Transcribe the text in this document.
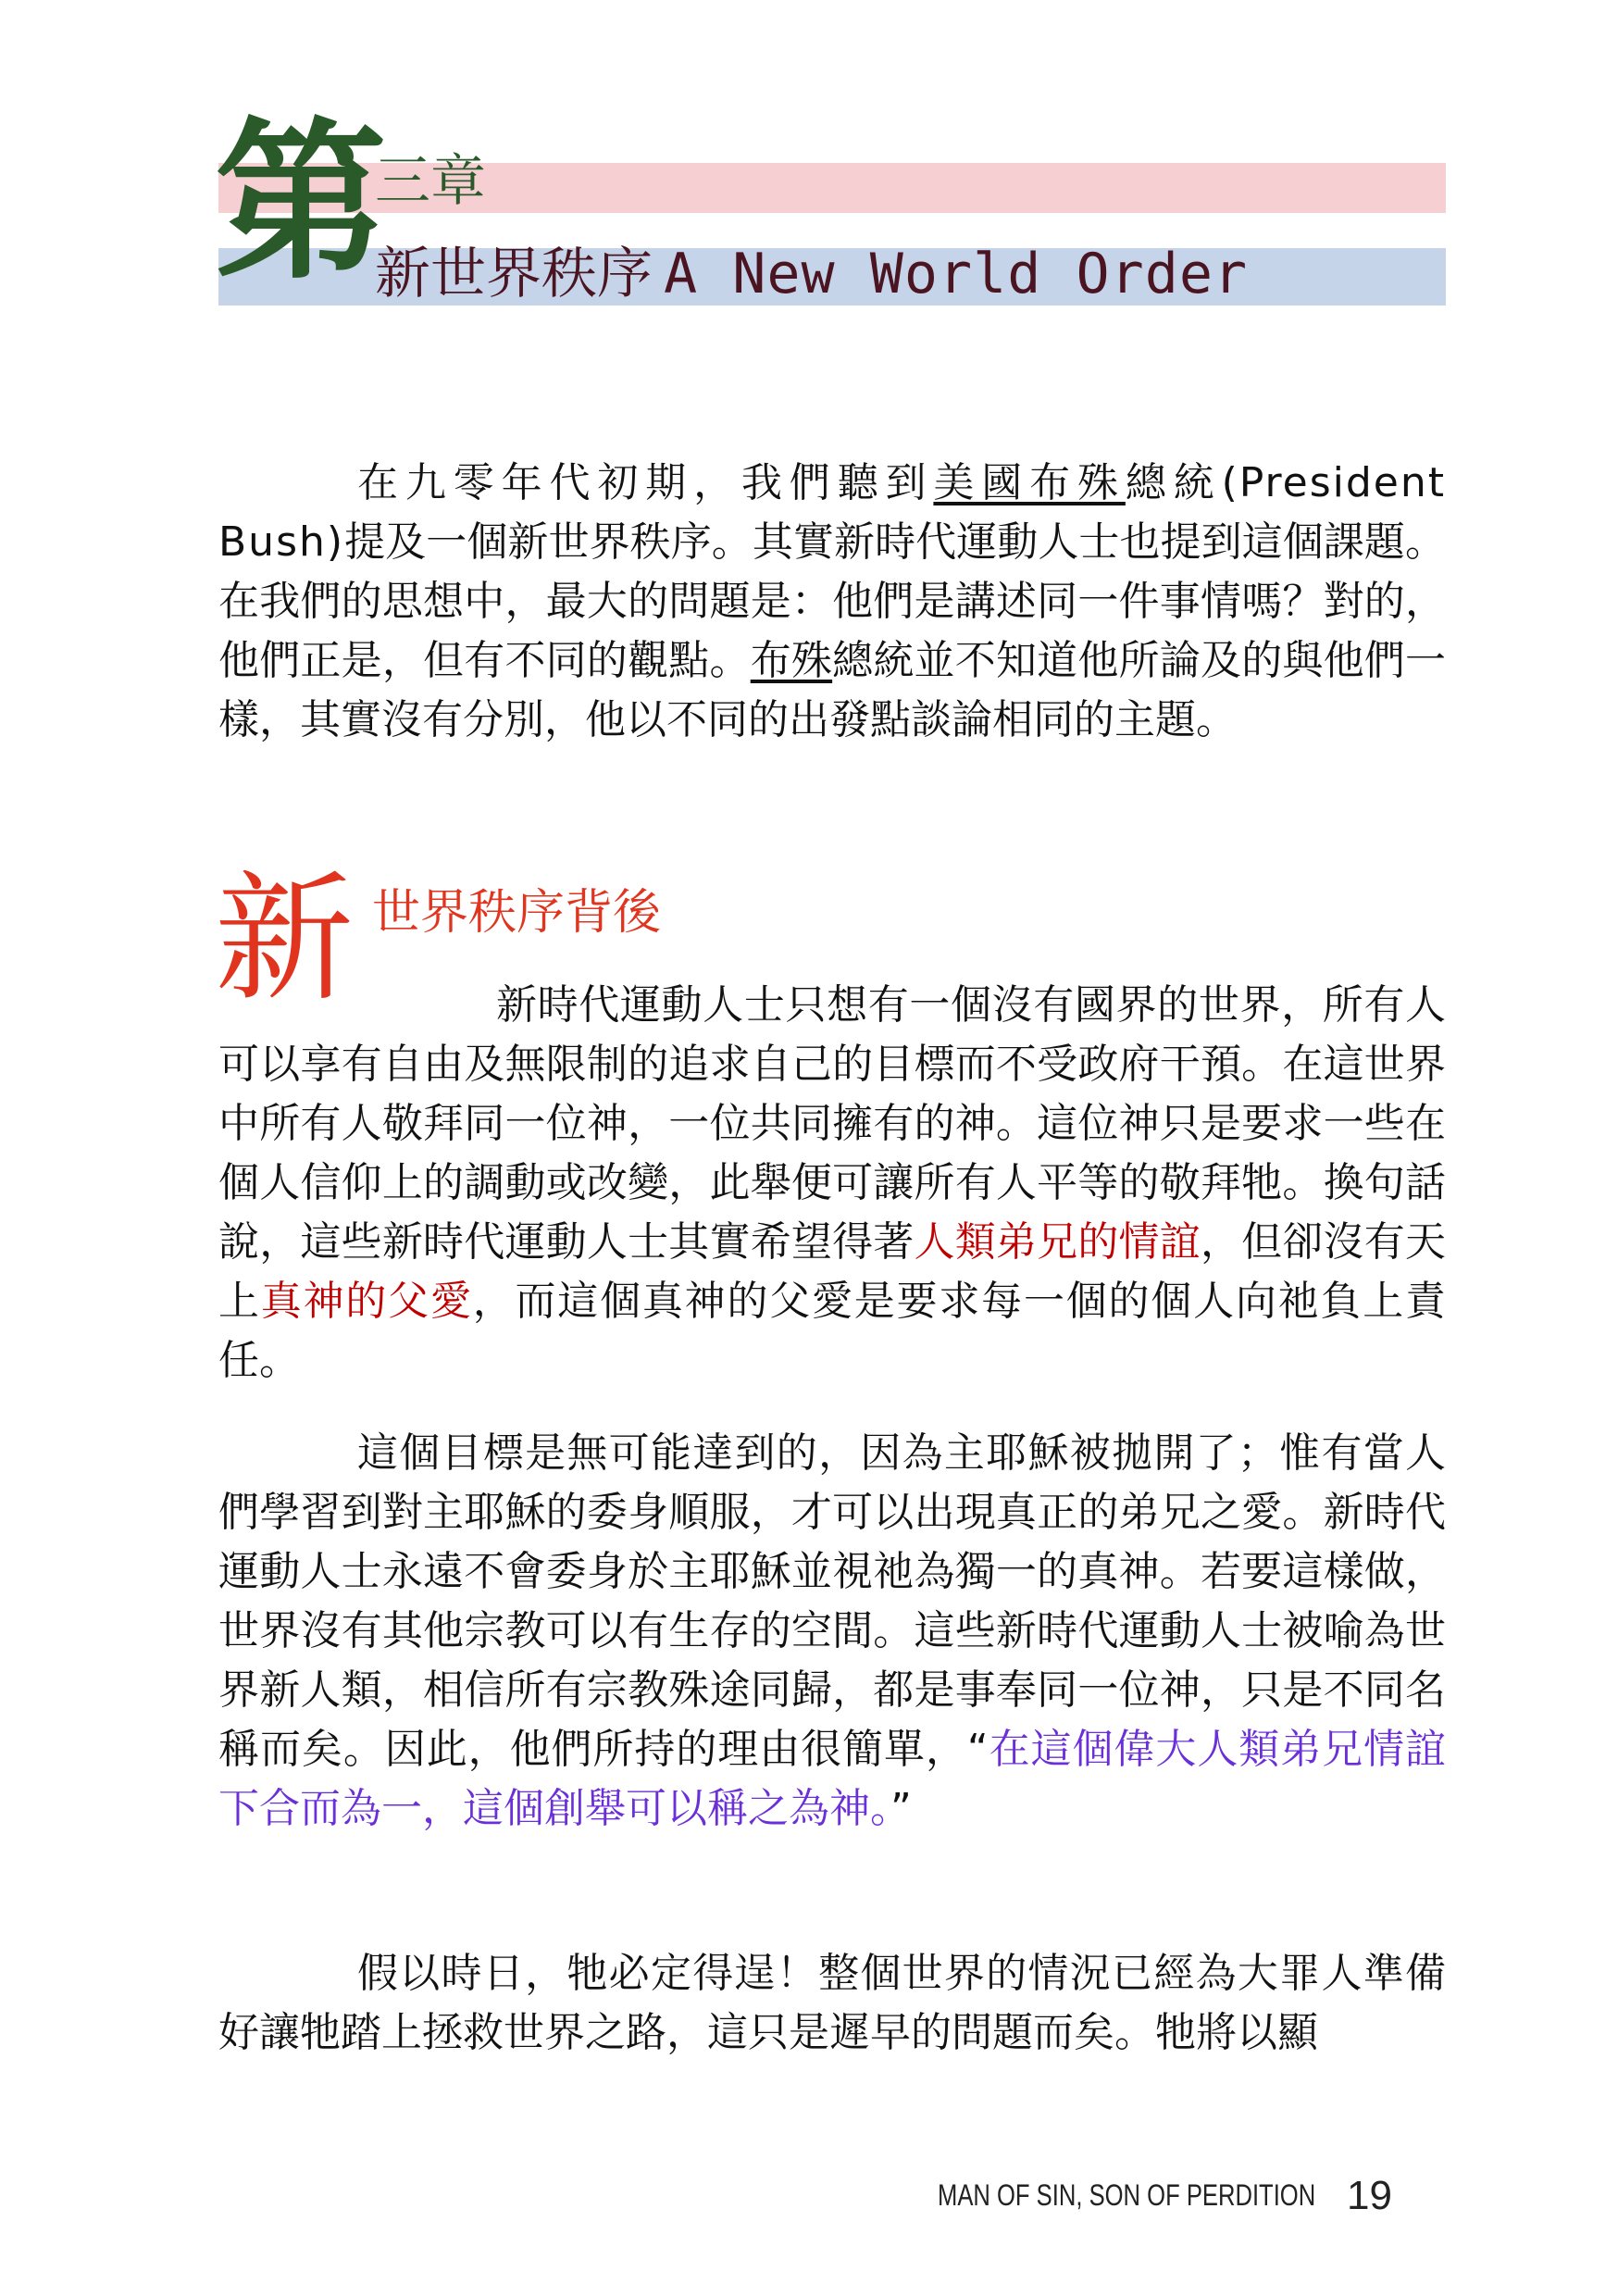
第
三章
新世界秩序 A New World Order
在九零年代初期，我們聽到美國布殊總統(President Bush)提及一個新世界秩序。其實新時代運動人士也提到這個課題。在我們的思想中，最大的問題是：他們是講述同一件事情嗎？對的，他們正是，但有不同的觀點。布殊總統並不知道他所論及的與他們一樣，其實沒有分別，他以不同的出發點談論相同的主題。
新 世界秩序背後
新時代運動人士只想有一個沒有國界的世界，所有人可以享有自由及無限制的追求自己的目標而不受政府干預。在這世界中所有人敬拜同一位神，一位共同擁有的神。這位神只是要求一些在個人信仰上的調動或改變，此舉便可讓所有人平等的敬拜牠。換句話說，這些新時代運動人士其實希望得著人類弟兄的情誼，但卻沒有天上真神的父愛，而這個真神的父愛是要求每一個的個人向祂負上責任。
這個目標是無可能達到的，因為主耶穌被拋開了；惟有當人們學習到對主耶穌的委身順服，才可以出現真正的弟兄之愛。新時代運動人士永遠不會委身於主耶穌並視祂為獨一的真神。若要這樣做，世界沒有其他宗教可以有生存的空間。這些新時代運動人士被喻為世界新人類，相信所有宗教殊途同歸，都是事奉同一位神，只是不同名稱而矣。因此，他們所持的理由很簡單，“在這個偉大人類弟兄情誼下合而為一，這個創舉可以稱之為神。”
假以時日，牠必定得逞！整個世界的情況已經為大罪人準備好讓牠踏上拯救世界之路，這只是遲早的問題而矣。牠將以顯
MAN OF SIN, SON OF PERDITION 19
